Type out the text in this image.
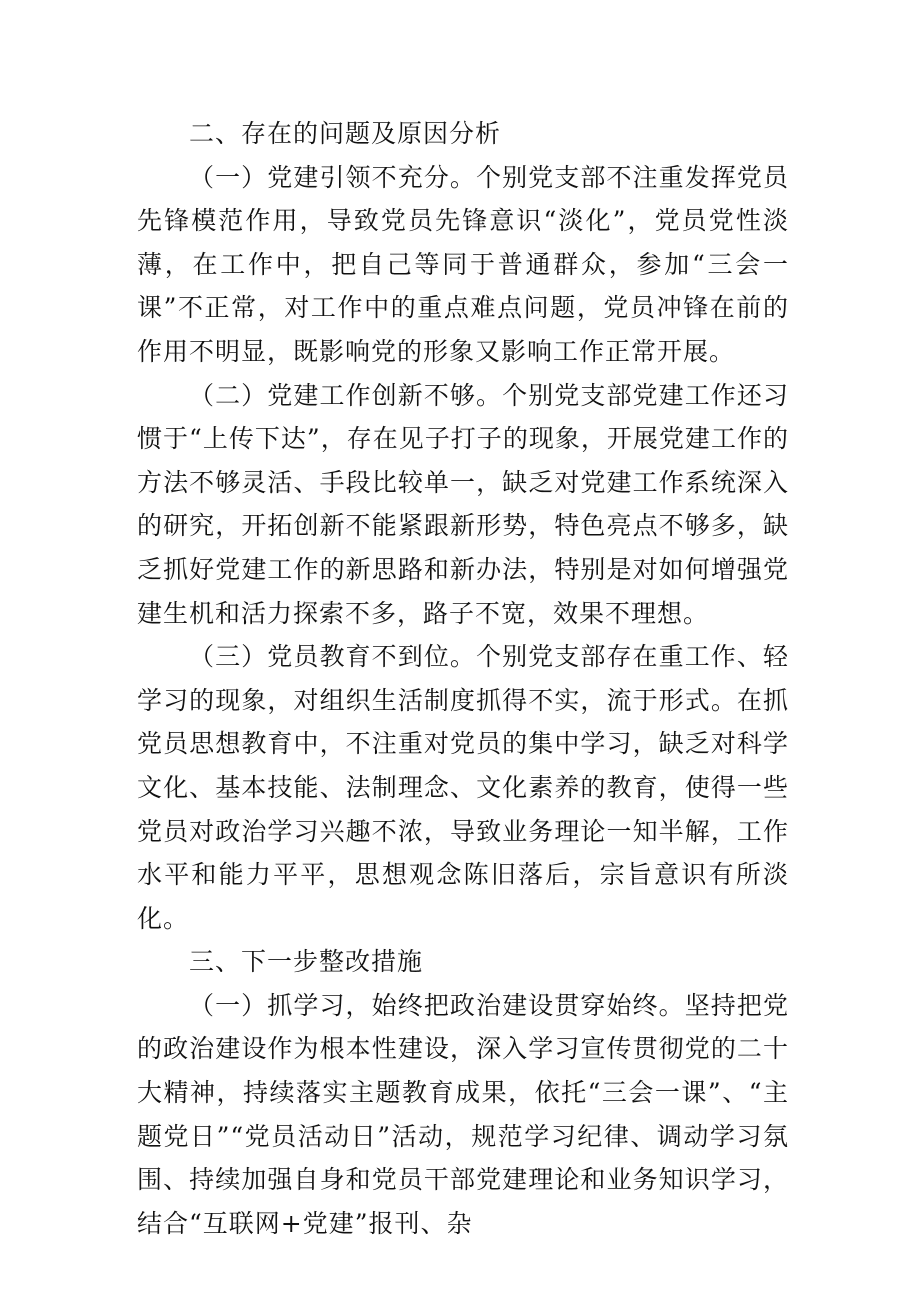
二、存在的问题及原因分析

（一）党建引领不充分。个别党支部不注重发挥党员先锋模范作用，导致党员先锋意识“淡化”，党员党性淡薄，在工作中，把自己等同于普通群众，参加“三会一课”不正常，对工作中的重点难点问题，党员冲锋在前的作用不明显，既影响党的形象又影响工作正常开展。

（二）党建工作创新不够。个别党支部党建工作还习惯于“上传下达”，存在见子打子的现象，开展党建工作的方法不够灵活、手段比较单一，缺乏对党建工作系统深入的研究，开拓创新不能紧跟新形势，特色亮点不够多，缺乏抓好党建工作的新思路和新办法，特别是对如何增强党建生机和活力探索不多，路子不宽，效果不理想。

（三）党员教育不到位。个别党支部存在重工作、轻学习的现象，对组织生活制度抓得不实，流于形式。在抓党员思想教育中，不注重对党员的集中学习，缺乏对科学文化、基本技能、法制理念、文化素养的教育，使得一些党员对政治学习兴趣不浓，导致业务理论一知半解，工作水平和能力平平，思想观念陈旧落后，宗旨意识有所淡化。

三、下一步整改措施

（一）抓学习，始终把政治建设贯穿始终。坚持把党的政治建设作为根本性建设，深入学习宣传贯彻党的二十大精神，持续落实主题教育成果，依托“三会一课”、“主题党日”“党员活动日”活动，规范学习纪律、调动学习氛围、持续加强自身和党员干部党建理论和业务知识学习，结合“互联网+党建”报刊、杂
